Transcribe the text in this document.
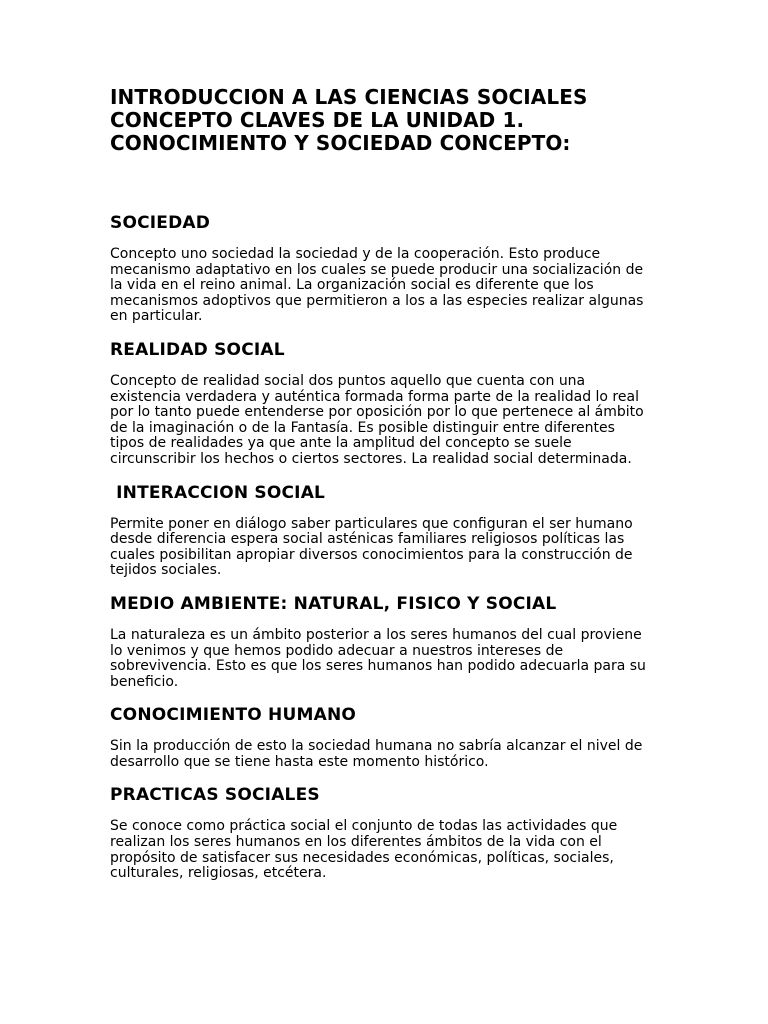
INTRODUCCION A LAS CIENCIAS SOCIALES
CONCEPTO CLAVES DE LA UNIDAD 1.
CONOCIMIENTO Y SOCIEDAD CONCEPTO:
SOCIEDAD

Concepto uno sociedad la sociedad y de la cooperación. Esto produce
mecanismo adaptativo en los cuales se puede producir una socialización de
la vida en el reino animal. La organización social es diferente que los
mecanismos adoptivos que permitieron a los a las especies realizar algunas
en particular.

REALIDAD SOCIAL

Concepto de realidad social dos puntos aquello que cuenta con una
existencia verdadera y auténtica formada forma parte de la realidad lo real
por lo tanto puede entenderse por oposición por lo que pertenece al ámbito
de la imaginación o de la Fantasía. Es posible distinguir entre diferentes
tipos de realidades ya que ante la amplitud del concepto se suele
circunscribir los hechos o ciertos sectores. La realidad social determinada.

INTERACCION SOCIAL

Permite poner en diálogo saber particulares que configuran el ser humano
desde diferencia espera social asténicas familiares religiosos políticas las
cuales posibilitan apropiar diversos conocimientos para la construcción de
tejidos sociales.

MEDIO AMBIENTE: NATURAL, FISICO Y SOCIAL

La naturaleza es un ámbito posterior a los seres humanos del cual proviene
lo venimos y que hemos podido adecuar a nuestros intereses de
sobrevivencia. Esto es que los seres humanos han podido adecuarla para su
beneficio.

CONOCIMIENTO HUMANO

Sin la producción de esto la sociedad humana no sabría alcanzar el nivel de
desarrollo que se tiene hasta este momento histórico.

PRACTICAS SOCIALES

Se conoce como práctica social el conjunto de todas las actividades que
realizan los seres humanos en los diferentes ámbitos de la vida con el
propósito de satisfacer sus necesidades económicas, políticas, sociales,
culturales, religiosas, etcétera.
